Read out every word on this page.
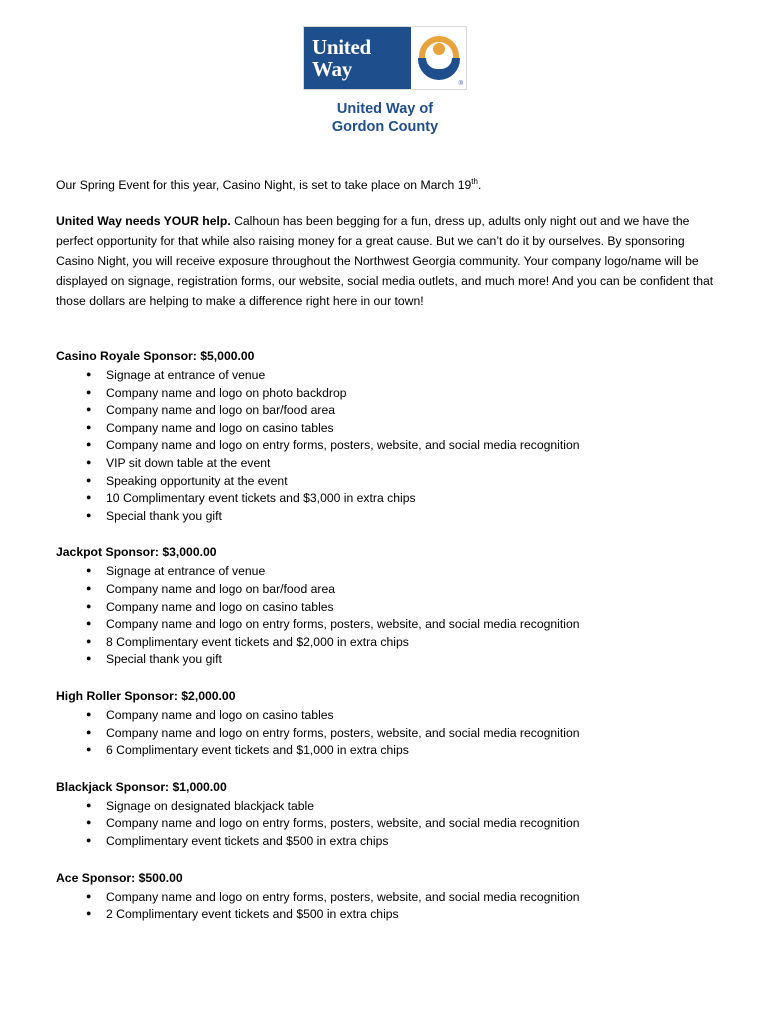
United
Way
®
United Way of
Gordon County

Our Spring Event for this year, Casino Night, is set to take place on March 19th.

United Way needs YOUR help. Calhoun has been begging for a fun, dress up, adults only night out and we have the perfect opportunity for that while also raising money for a great cause. But we can’t do it by ourselves. By sponsoring Casino Night, you will receive exposure throughout the Northwest Georgia community. Your company logo/name will be displayed on signage, registration forms, our website, social media outlets, and much more! And you can be confident that those dollars are helping to make a difference right here in our town!

Casino Royale Sponsor: $5,000.00
● Signage at entrance of venue
● Company name and logo on photo backdrop
● Company name and logo on bar/food area
● Company name and logo on casino tables
● Company name and logo on entry forms, posters, website, and social media recognition
● VIP sit down table at the event
● Speaking opportunity at the event
● 10 Complimentary event tickets and $3,000 in extra chips
● Special thank you gift
Jackpot Sponsor: $3,000.00
● Signage at entrance of venue
● Company name and logo on bar/food area
● Company name and logo on casino tables
● Company name and logo on entry forms, posters, website, and social media recognition
● 8 Complimentary event tickets and $2,000 in extra chips
● Special thank you gift
High Roller Sponsor: $2,000.00
● Company name and logo on casino tables
● Company name and logo on entry forms, posters, website, and social media recognition
● 6 Complimentary event tickets and $1,000 in extra chips
Blackjack Sponsor: $1,000.00
● Signage on designated blackjack table
● Company name and logo on entry forms, posters, website, and social media recognition
● Complimentary event tickets and $500 in extra chips
Ace Sponsor: $500.00
● Company name and logo on entry forms, posters, website, and social media recognition
● 2 Complimentary event tickets and $500 in extra chips
